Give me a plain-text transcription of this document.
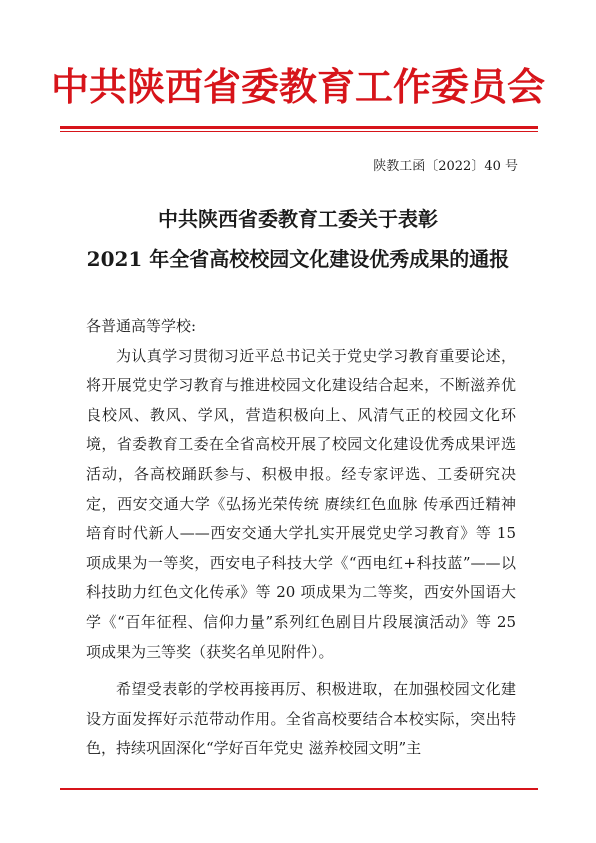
中共陕西省委教育工作委员会
陕教工函〔2022〕40 号
中共陕西省委教育工委关于表彰
2021 年全省高校校园文化建设优秀成果的通报

各普通高等学校:

为认真学习贯彻习近平总书记关于党史学习教育重要论述，将开展党史学习教育与推进校园文化建设结合起来，不断滋养优良校风、教风、学风，营造积极向上、风清气正的校园文化环境，省委教育工委在全省高校开展了校园文化建设优秀成果评选活动，各高校踊跃参与、积极申报。经专家评选、工委研究决定，西安交通大学《弘扬光荣传统 赓续红色血脉 传承西迁精神 培育时代新人——西安交通大学扎实开展党史学习教育》等 15 项成果为一等奖，西安电子科技大学《“西电红+科技蓝”——以科技助力红色文化传承》等 20 项成果为二等奖，西安外国语大学《“百年征程、信仰力量”系列红色剧目片段展演活动》等 25 项成果为三等奖（获奖名单见附件）。

希望受表彰的学校再接再厉、积极进取，在加强校园文化建设方面发挥好示范带动作用。全省高校要结合本校实际，突出特色，持续巩固深化“学好百年党史 滋养校园文明”主
